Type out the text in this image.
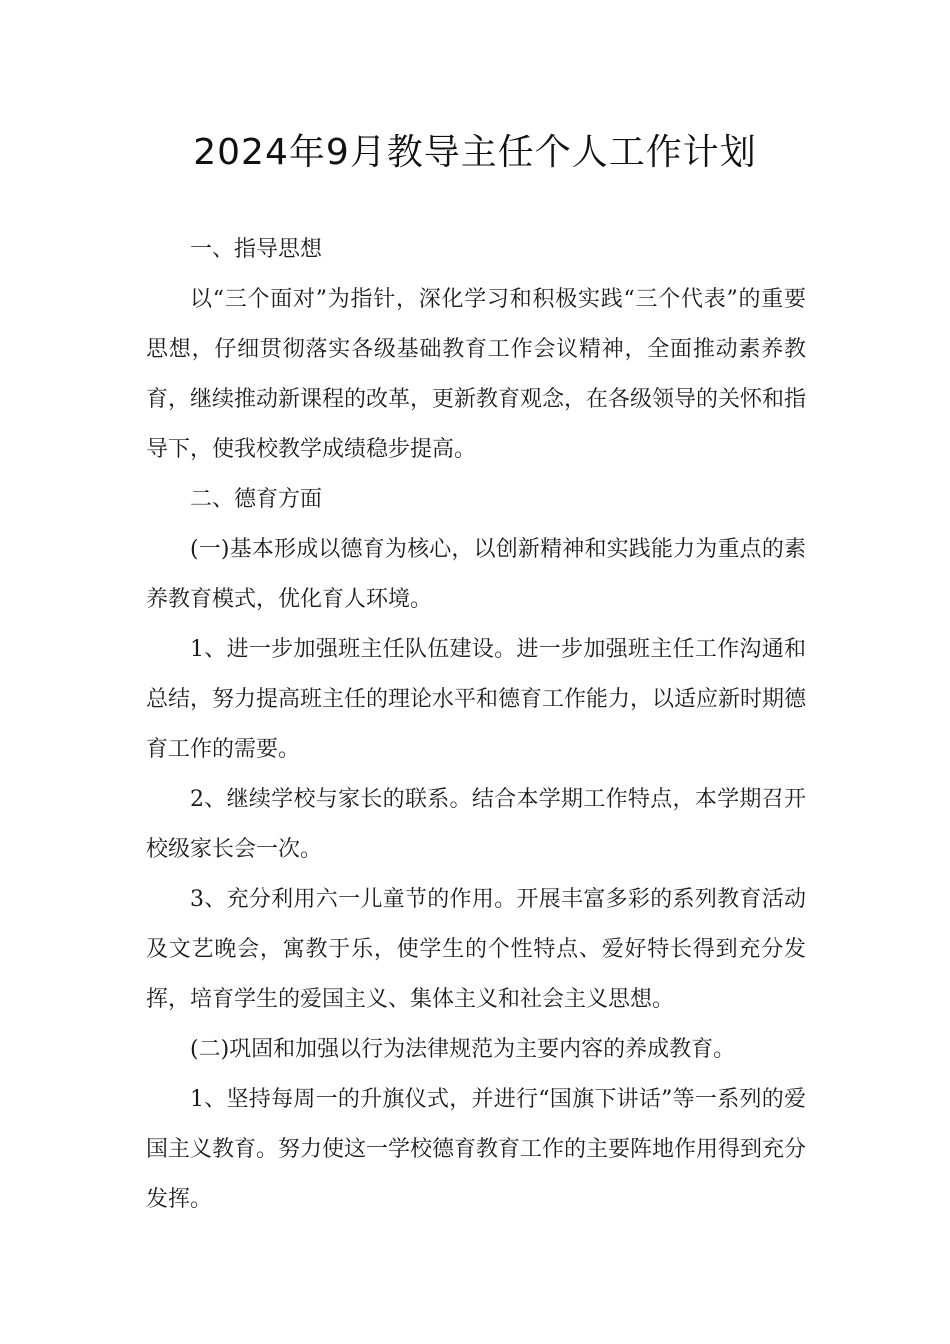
2024年9月教导主任个人工作计划

一、指导思想

以“三个面对”为指针，深化学习和积极实践“三个代表”的重要思想，仔细贯彻落实各级基础教育工作会议精神，全面推动素养教育，继续推动新课程的改革，更新教育观念，在各级领导的关怀和指导下，使我校教学成绩稳步提高。

二、德育方面

(一)基本形成以德育为核心，以创新精神和实践能力为重点的素养教育模式，优化育人环境。

1、进一步加强班主任队伍建设。进一步加强班主任工作沟通和总结，努力提高班主任的理论水平和德育工作能力，以适应新时期德育工作的需要。

2、继续学校与家长的联系。结合本学期工作特点，本学期召开校级家长会一次。

3、充分利用六一儿童节的作用。开展丰富多彩的系列教育活动及文艺晚会，寓教于乐，使学生的个性特点、爱好特长得到充分发挥，培育学生的爱国主义、集体主义和社会主义思想。

(二)巩固和加强以行为法律规范为主要内容的养成教育。

1、坚持每周一的升旗仪式，并进行“国旗下讲话”等一系列的爱国主义教育。努力使这一学校德育教育工作的主要阵地作用得到充分发挥。
